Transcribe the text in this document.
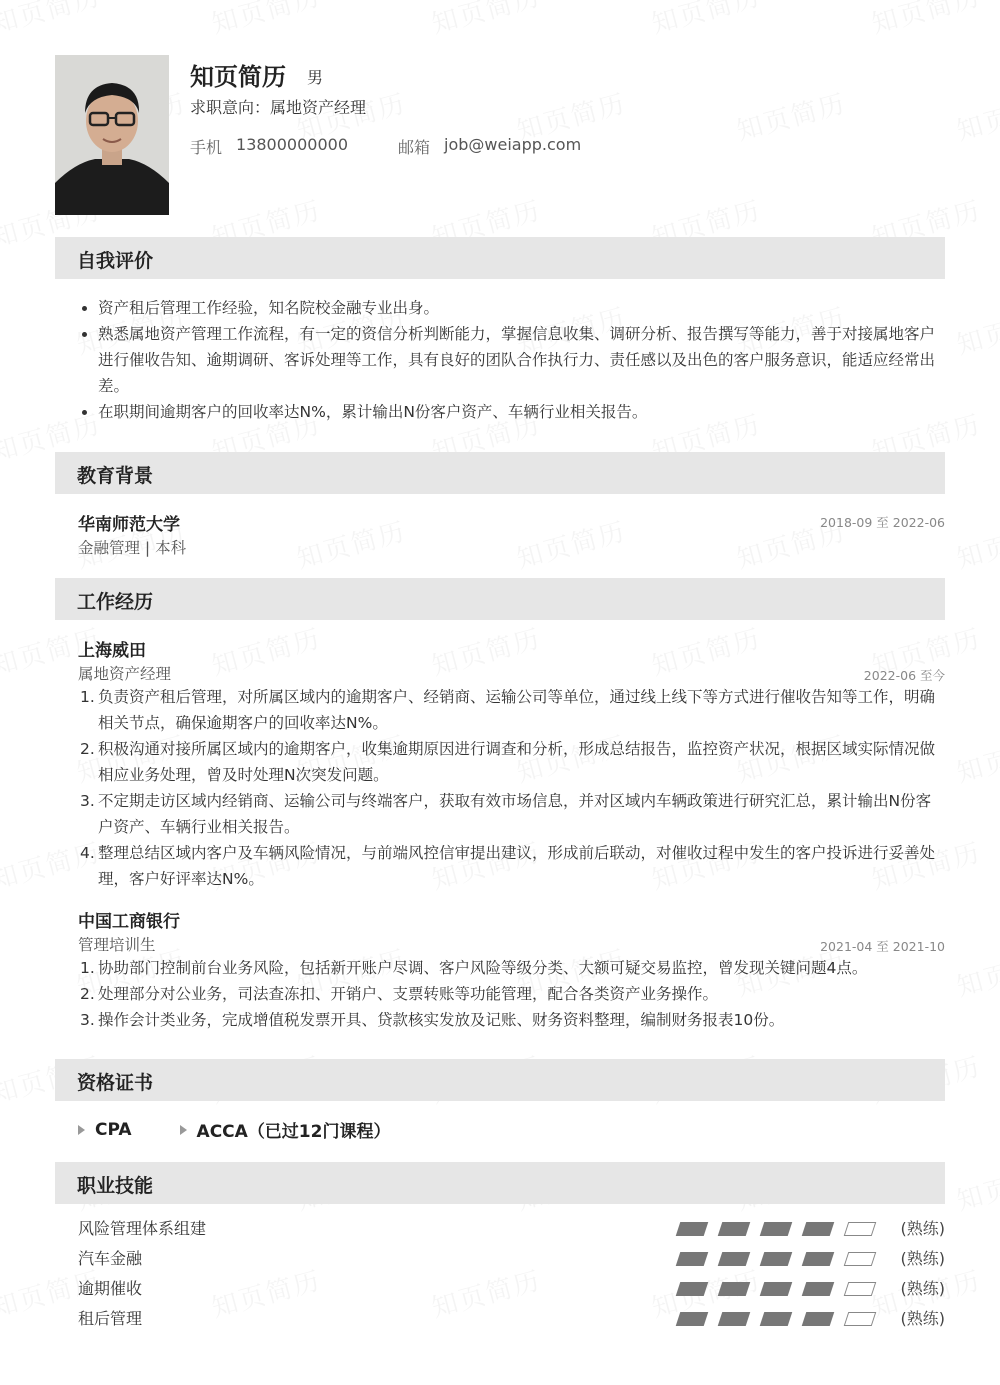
知页简历 男
求职意向：属地资产经理
手机 13800000000	邮箱 job@weiapp.com
自我评价
资产租后管理工作经验，知名院校金融专业出身。
熟悉属地资产管理工作流程，有一定的资信分析判断能力，掌握信息收集、调研分析、报告撰写等能力，善于对接属地客户进行催收告知、逾期调研、客诉处理等工作，具有良好的团队合作执行力、责任感以及出色的客户服务意识，能适应经常出差。
在职期间逾期客户的回收率达N%，累计输出N份客户资产、车辆行业相关报告。
教育背景
华南师范大学	2018-09 至 2022-06
金融管理 | 本科
工作经历
上海威田
属地资产经理	2022-06 至今
1. 负责资产租后管理，对所属区域内的逾期客户、经销商、运输公司等单位，通过线上线下等方式进行催收告知等工作，明确相关节点，确保逾期客户的回收率达N%。
2. 积极沟通对接所属区域内的逾期客户，收集逾期原因进行调查和分析，形成总结报告，监控资产状况，根据区域实际情况做相应业务处理，曾及时处理N次突发问题。
3. 不定期走访区域内经销商、运输公司与终端客户，获取有效市场信息，并对区域内车辆政策进行研究汇总，累计输出N份客户资产、车辆行业相关报告。
4. 整理总结区域内客户及车辆风险情况，与前端风控信审提出建议，形成前后联动，对催收过程中发生的客户投诉进行妥善处理，客户好评率达N%。
中国工商银行
管理培训生	2021-04 至 2021-10
1. 协助部门控制前台业务风险，包括新开账户尽调、客户风险等级分类、大额可疑交易监控，曾发现关键问题4点。
2. 处理部分对公业务，司法查冻扣、开销户、支票转账等功能管理，配合各类资产业务操作。
3. 操作会计类业务，完成增值税发票开具、贷款核实发放及记账、财务资料整理，编制财务报表10份。
资格证书
CPA	ACCA（已过12门课程）
职业技能
风险管理体系组建	(熟练)
汽车金融	(熟练)
逾期催收	(熟练)
租后管理	(熟练)
